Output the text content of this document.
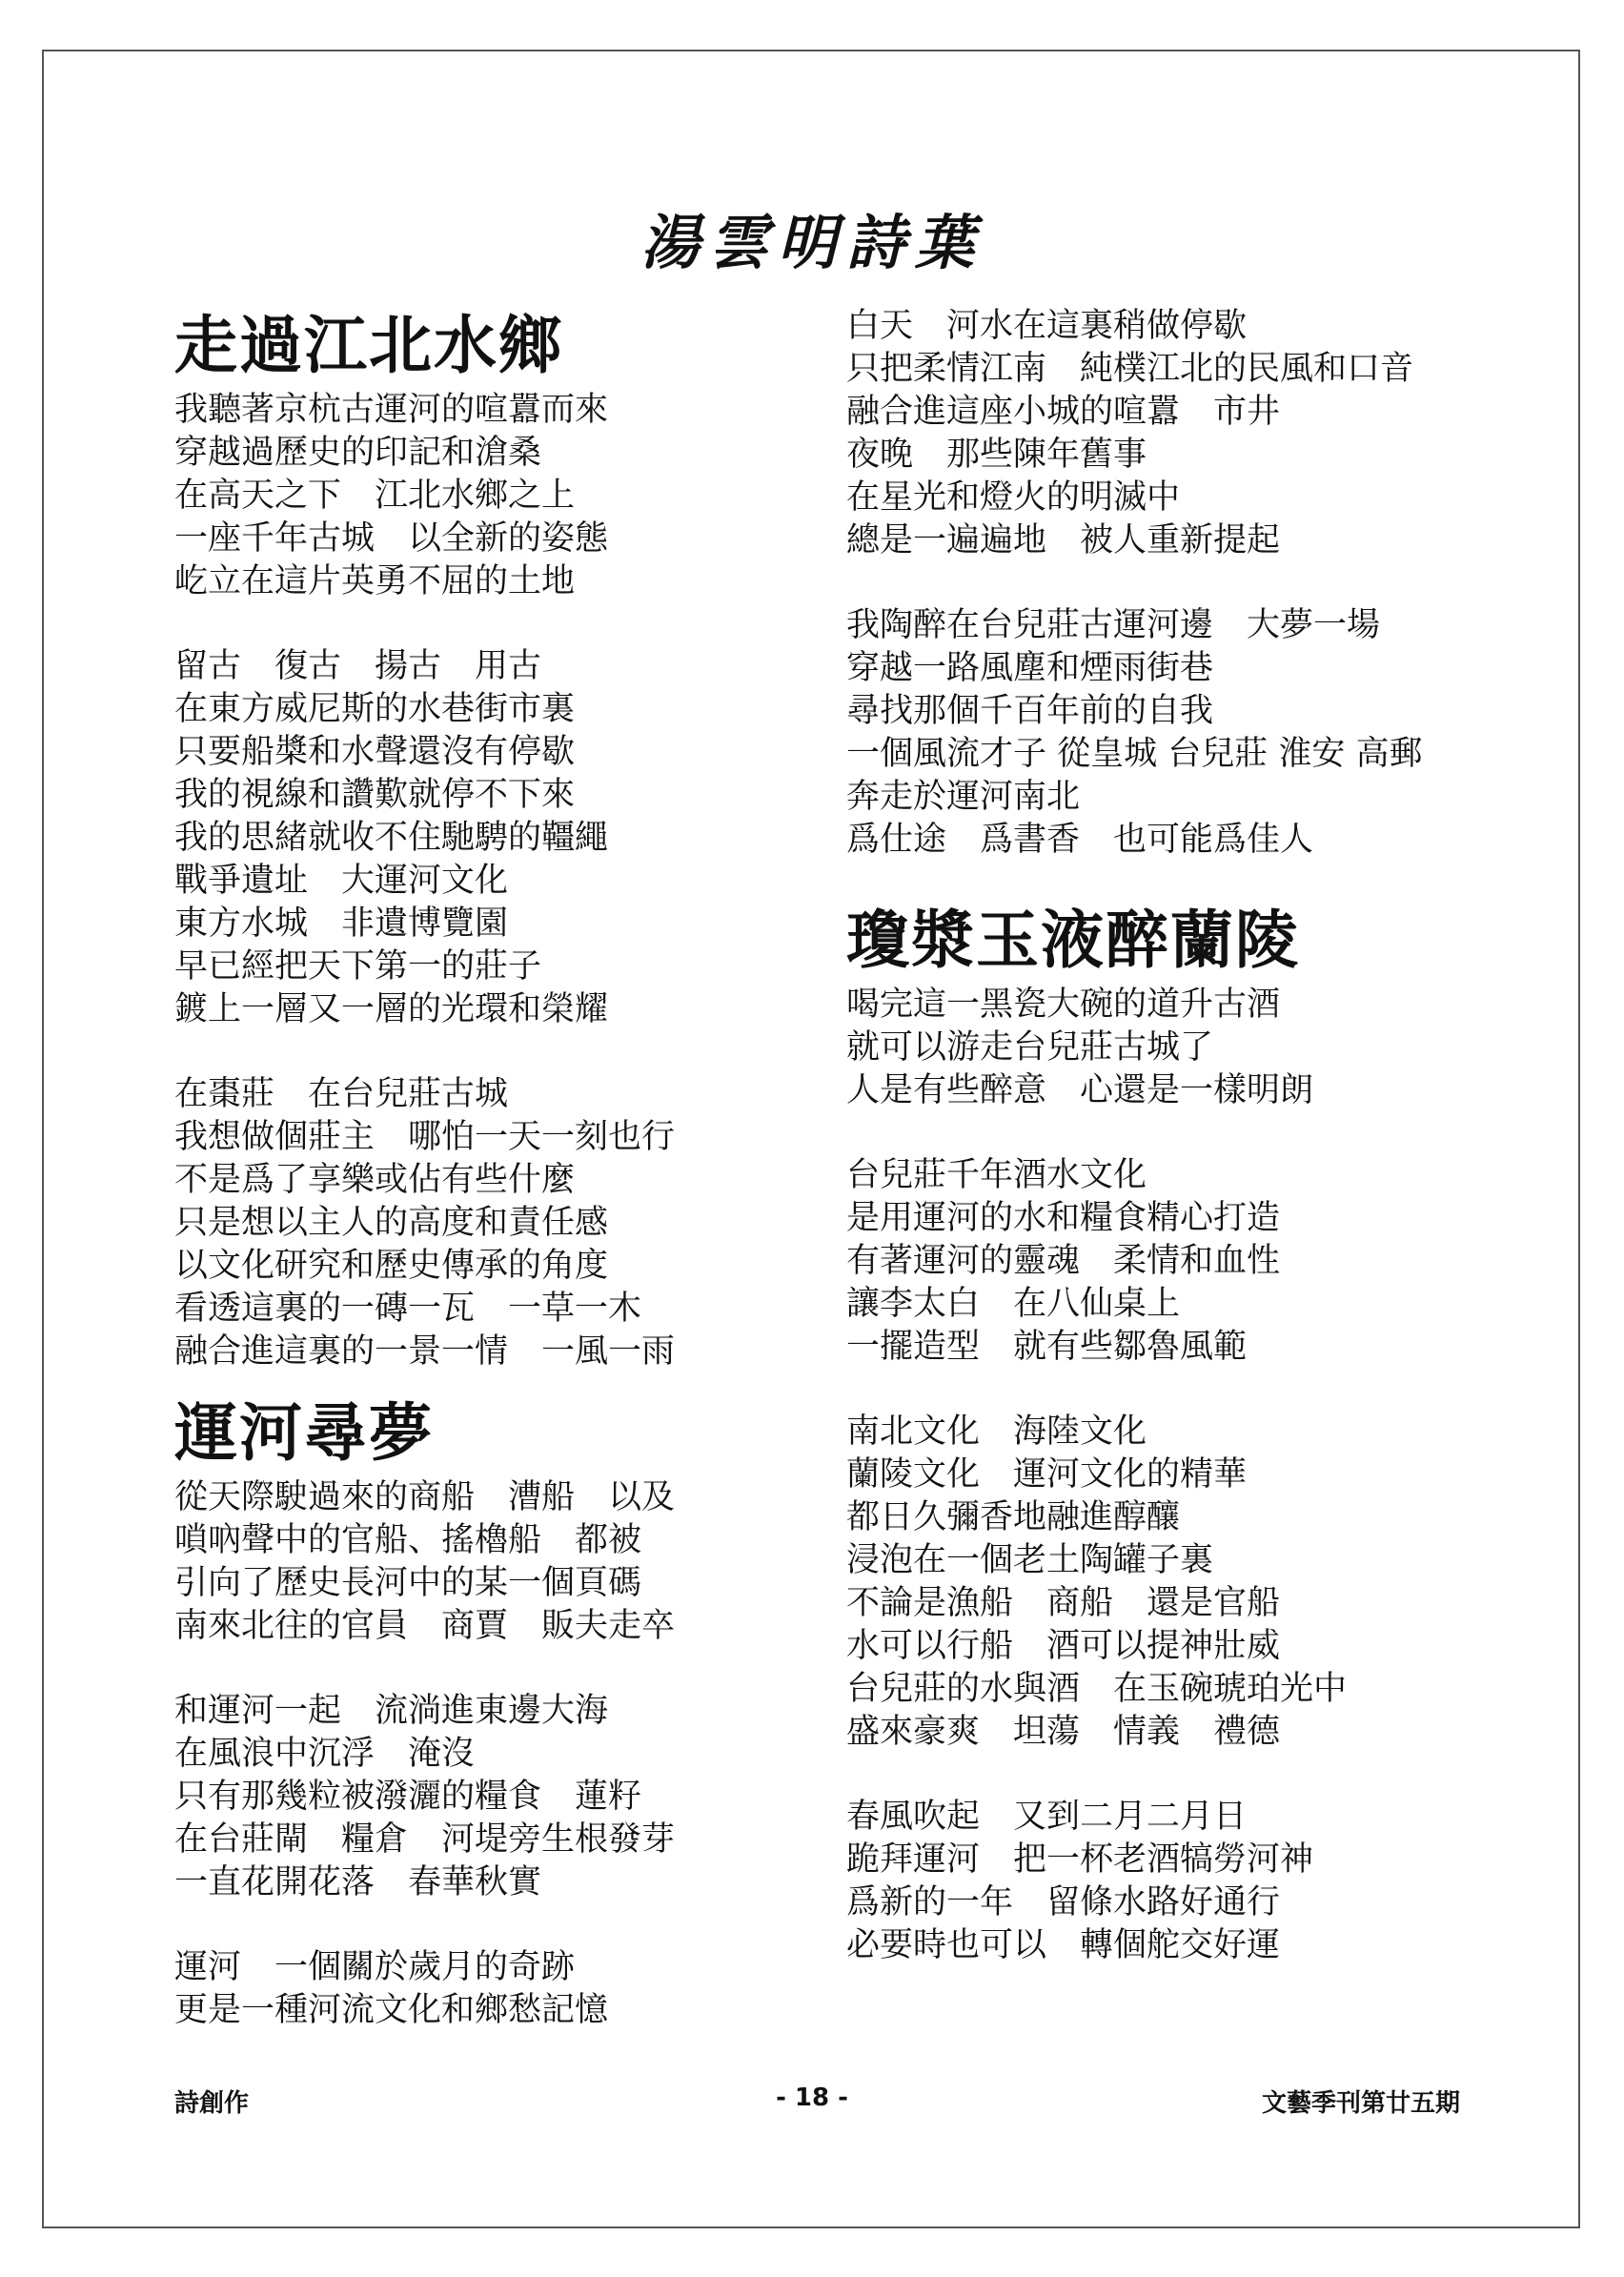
湯雲明詩葉
走過江北水鄉
我聽著京杭古運河的喧囂而來
穿越過歷史的印記和滄桑
在高天之下　江北水鄉之上
一座千年古城　以全新的姿態
屹立在這片英勇不屈的土地
留古　復古　揚古　用古
在東方威尼斯的水巷街市裏
只要船槳和水聲還沒有停歇
我的視線和讚歎就停不下來
我的思緒就收不住馳騁的韁繩
戰爭遺址　大運河文化
東方水城　非遺博覽園
早已經把天下第一的莊子
鍍上一層又一層的光環和榮耀
在棗莊　在台兒莊古城
我想做個莊主　哪怕一天一刻也行
不是爲了享樂或佔有些什麼
只是想以主人的高度和責任感
以文化研究和歷史傳承的角度
看透這裏的一磚一瓦　一草一木
融合進這裏的一景一情　一風一雨
運河尋夢
從天際駛過來的商船　漕船　以及
嗩吶聲中的官船、搖櫓船　都被
引向了歷史長河中的某一個頁碼
南來北往的官員　商賈　販夫走卒
和運河一起　流淌進東邊大海
在風浪中沉浮　淹沒
只有那幾粒被潑灑的糧食　蓮籽
在台莊閘　糧倉　河堤旁生根發芽
一直花開花落　春華秋實
運河　一個關於歲月的奇跡
更是一種河流文化和鄉愁記憶
白天　河水在這裏稍做停歇
只把柔情江南　純樸江北的民風和口音
融合進這座小城的喧囂　市井
夜晚　那些陳年舊事
在星光和燈火的明滅中
總是一遍遍地　被人重新提起
我陶醉在台兒莊古運河邊　大夢一場
穿越一路風塵和煙雨街巷
尋找那個千百年前的自我
一個風流才子 從皇城 台兒莊 淮安 高郵
奔走於運河南北
爲仕途　爲書香　也可能爲佳人
瓊漿玉液醉蘭陵
喝完這一黑瓷大碗的道升古酒
就可以游走台兒莊古城了
人是有些醉意　心還是一樣明朗
台兒莊千年酒水文化
是用運河的水和糧食精心打造
有著運河的靈魂　柔情和血性
讓李太白　在八仙桌上
一擺造型　就有些鄒魯風範
南北文化　海陸文化
蘭陵文化　運河文化的精華
都日久彌香地融進醇釀
浸泡在一個老土陶罐子裏
不論是漁船　商船　還是官船
水可以行船　酒可以提神壯威
台兒莊的水與酒　在玉碗琥珀光中
盛來豪爽　坦蕩　情義　禮德
春風吹起　又到二月二月日
跪拜運河　把一杯老酒犒勞河神
爲新的一年　留條水路好通行
必要時也可以　轉個舵交好運
詩創作	- 18 -	文藝季刊第廿五期
